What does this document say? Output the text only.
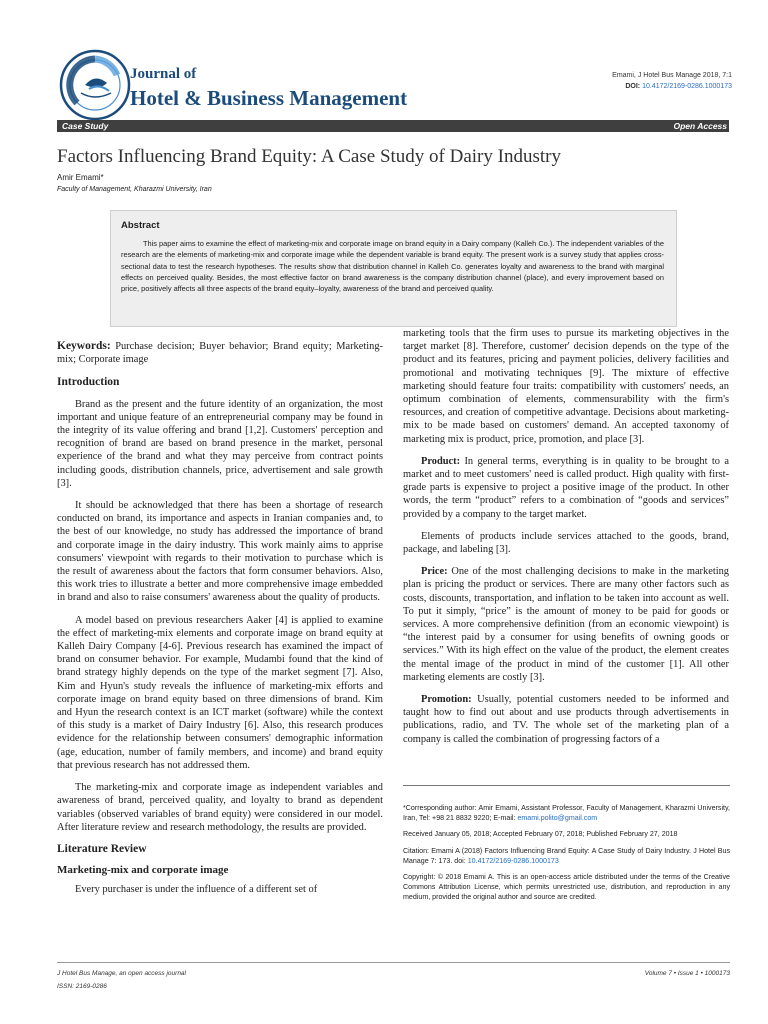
Journal of
Hotel & Business Management
Emami, J Hotel Bus Manage 2018, 7:1
DOI: 10.4172/2169-0286.1000173
Case Study	Open Access
Factors Influencing Brand Equity: A Case Study of Dairy Industry
Amir Emami*
Faculty of Management, Kharazmi University, Iran
Abstract

This paper aims to examine the effect of marketing-mix and corporate image on brand equity in a Dairy company (Kalleh Co.). The independent variables of the research are the elements of marketing-mix and corporate image while the dependent variable is brand equity. The present work is a survey study that applies cross-sectional data to test the research hypotheses. The results show that distribution channel in Kalleh Co. generates loyalty and awareness to the brand with marginal effects on perceived quality. Besides, the most effective factor on brand awareness is the company distribution channel (place), and every improvement based on price, positively affects all three aspects of the brand equity–loyalty, awareness of the brand and perceived quality.

Keywords: Purchase decision; Buyer behavior; Brand equity; Marketing-mix; Corporate image

Introduction

Brand as the present and the future identity of an organization, the most important and unique feature of an entrepreneurial company may be found in the integrity of its value offering and brand [1,2]. Customers' perception and recognition of brand are based on brand presence in the market, personal experience of the brand and what they may perceive from contract points including goods, distribution channels, price, advertisement and sale growth [3].

It should be acknowledged that there has been a shortage of research conducted on brand, its importance and aspects in Iranian companies and, to the best of our knowledge, no study has addressed the importance of brand and corporate image in the dairy industry. This work mainly aims to apprise consumers' viewpoint with regards to their motivation to purchase which is the result of awareness about the factors that form consumer behaviors. Also, this work tries to illustrate a better and more comprehensive image embedded in brand and also to raise consumers' awareness about the quality of products.

A model based on previous researchers Aaker [4] is applied to examine the effect of marketing-mix elements and corporate image on brand equity at Kalleh Dairy Company [4-6]. Previous research has examined the impact of brand on consumer behavior. For example, Mudambi found that the kind of brand strategy highly depends on the type of the market segment [7]. Also, Kim and Hyun's study reveals the influence of marketing-mix efforts and corporate image on brand equity based on three dimensions of brand. Kim and Hyun the research context is an ICT market (software) while the context of this study is a market of Dairy Industry [6]. Also, this research produces evidence for the relationship between consumers' demographic information (age, education, number of family members, and income) and brand equity that previous research has not addressed them.

The marketing-mix and corporate image as independent variables and awareness of brand, perceived quality, and loyalty to brand as dependent variables (observed variables of brand equity) were considered in our model. After literature review and research methodology, the results are provided.

Literature Review
Marketing-mix and corporate image

Every purchaser is under the influence of a different set of

marketing tools that the firm uses to pursue its marketing objectives in the target market [8]. Therefore, customer' decision depends on the type of the product and its features, pricing and payment policies, delivery facilities and promotional and motivating techniques [9]. The mixture of effective marketing should feature four traits: compatibility with customers' needs, an optimum combination of elements, commensurability with the firm's resources, and creation of competitive advantage. Decisions about marketing-mix to be made based on customers' demand. An accepted taxonomy of marketing mix is product, price, promotion, and place [3].

Product: In general terms, everything is in quality to be brought to a market and to meet customers' need is called product. High quality with first-grade parts is expensive to project a positive image of the product. In other words, the term “product” refers to a combination of “goods and services” provided by a company to the target market.

Elements of products include services attached to the goods, brand, package, and labeling [3].

Price: One of the most challenging decisions to make in the marketing plan is pricing the product or services. There are many other factors such as costs, discounts, transportation, and inflation to be taken into account as well. To put it simply, “price” is the amount of money to be paid for goods or services. A more comprehensive definition (from an economic viewpoint) is “the interest paid by a consumer for using benefits of owning goods or services.” With its high effect on the value of the product, the element creates the mental image of the product in mind of the customer [1]. All other marketing elements are costly [3].

Promotion: Usually, potential customers needed to be informed and taught how to find out about and use products through advertisements in publications, radio, and TV. The whole set of the marketing plan of a company is called the combination of progressing factors of a

*Corresponding author: Amir Emami, Assistant Professor, Faculty of Management, Kharazmi University, Iran, Tel: +98 21 8832 9220; E-mail: emami.polito@gmail.com

Received January 05, 2018; Accepted February 07, 2018; Published February 27, 2018

Citation: Emami A (2018) Factors Influencing Brand Equity: A Case Study of Dairy Industry. J Hotel Bus Manage 7: 173. doi: 10.4172/2169-0286.1000173

Copyright: © 2018 Emami A. This is an open-access article distributed under the terms of the Creative Commons Attribution License, which permits unrestricted use, distribution, and reproduction in any medium, provided the original author and source are credited.

J Hotel Bus Manage, an open access journal
ISSN: 2169-0286
Volume 7 • Issue 1 • 1000173
